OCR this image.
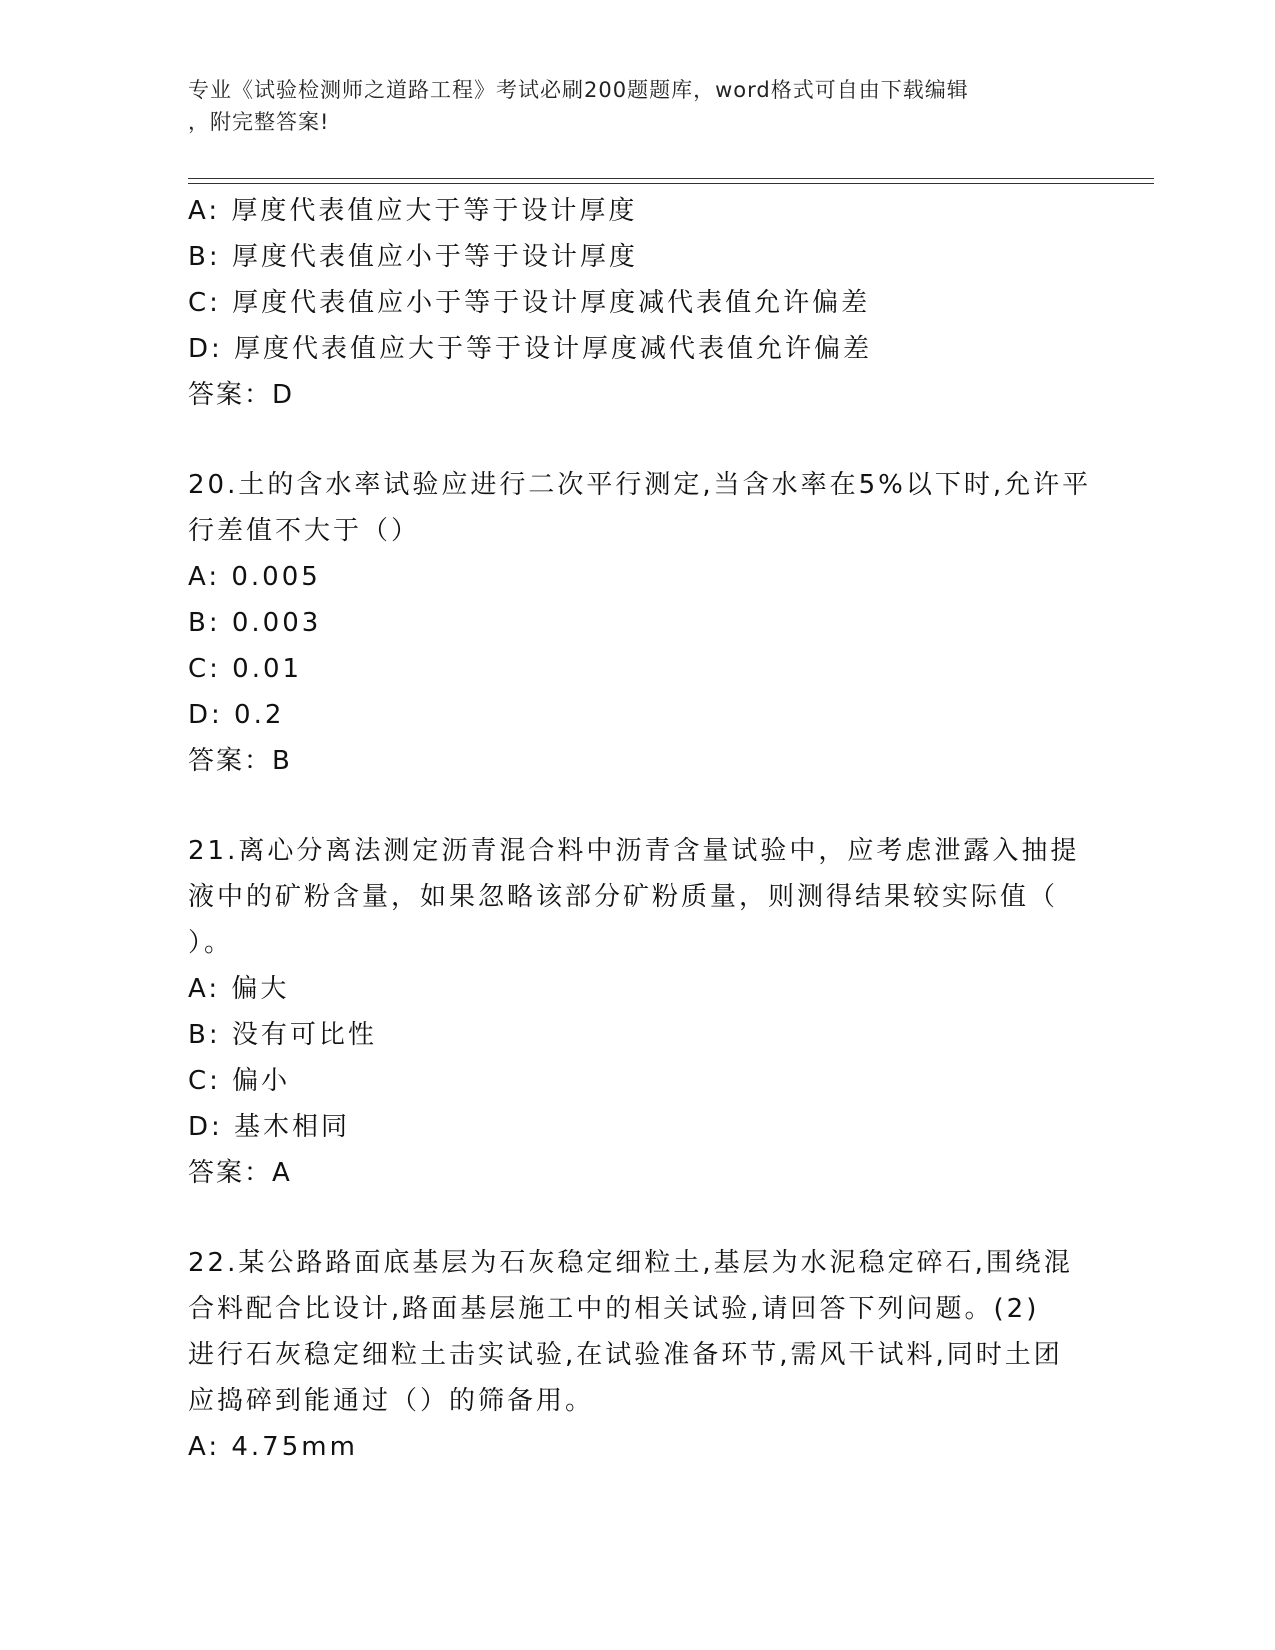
专业《试验检测师之道路工程》考试必刷200题题库，word格式可自由下载编辑
，附完整答案!
A: 厚度代表值应大于等于设计厚度
B: 厚度代表值应小于等于设计厚度
C: 厚度代表值应小于等于设计厚度减代表值允许偏差
D: 厚度代表值应大于等于设计厚度减代表值允许偏差
答案：D
20.土的含水率试验应进行二次平行测定,当含水率在5%以下时,允许平
行差值不大于（）
A: 0.005
B: 0.003
C: 0.01
D: 0.2
答案：B
21.离心分离法测定沥青混合料中沥青含量试验中，应考虑泄露入抽提
液中的矿粉含量，如果忽略该部分矿粉质量，则测得结果较实际值（
）。
A: 偏大
B: 没有可比性
C: 偏小
D: 基木相同
答案：A
22.某公路路面底基层为石灰稳定细粒土,基层为水泥稳定碎石,围绕混
合料配合比设计,路面基层施工中的相关试验,请回答下列问题。(2)
进行石灰稳定细粒土击实试验,在试验准备环节,需风干试料,同时土团
应捣碎到能通过（）的筛备用。
A: 4.75mm
